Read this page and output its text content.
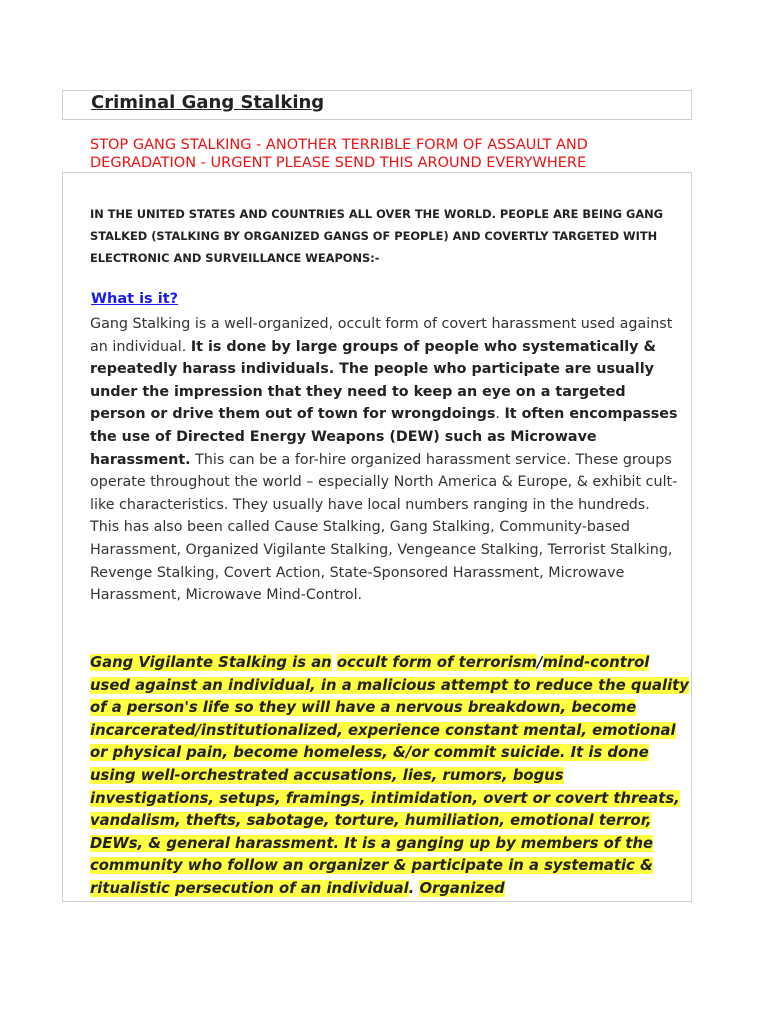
Criminal Gang Stalking

STOP GANG STALKING - ANOTHER TERRIBLE FORM OF ASSAULT AND DEGRADATION - URGENT PLEASE SEND THIS AROUND EVERYWHERE

IN THE UNITED STATES AND COUNTRIES ALL OVER THE WORLD. PEOPLE ARE BEING GANG STALKED (STALKING BY ORGANIZED GANGS OF PEOPLE) AND COVERTLY TARGETED WITH ELECTRONIC AND SURVEILLANCE WEAPONS:-

What is it?

Gang Stalking is a well-organized, occult form of covert harassment used against an individual. It is done by large groups of people who systematically & repeatedly harass individuals. The people who participate are usually under the impression that they need to keep an eye on a targeted person or drive them out of town for wrongdoings. It often encompasses the use of Directed Energy Weapons (DEW) such as Microwave harassment. This can be a for-hire organized harassment service. These groups operate throughout the world – especially North America & Europe, & exhibit cult-like characteristics. They usually have local numbers ranging in the hundreds. This has also been called Cause Stalking, Gang Stalking, Community-based Harassment, Organized Vigilante Stalking, Vengeance Stalking, Terrorist Stalking, Revenge Stalking, Covert Action, State-Sponsored Harassment, Microwave Harassment, Microwave Mind-Control.

Gang Vigilante Stalking is an occult form of terrorism/mind-control used against an individual, in a malicious attempt to reduce the quality of a person's life so they will have a nervous breakdown, become incarcerated/institutionalized, experience constant mental, emotional or physical pain, become homeless, &/or commit suicide. It is done using well-orchestrated accusations, lies, rumors, bogus investigations, setups, framings, intimidation, overt or covert threats, vandalism, thefts, sabotage, torture, humiliation, emotional terror, DEWs, & general harassment. It is a ganging up by members of the community who follow an organizer & participate in a systematic & ritualistic persecution of an individual. Organized
